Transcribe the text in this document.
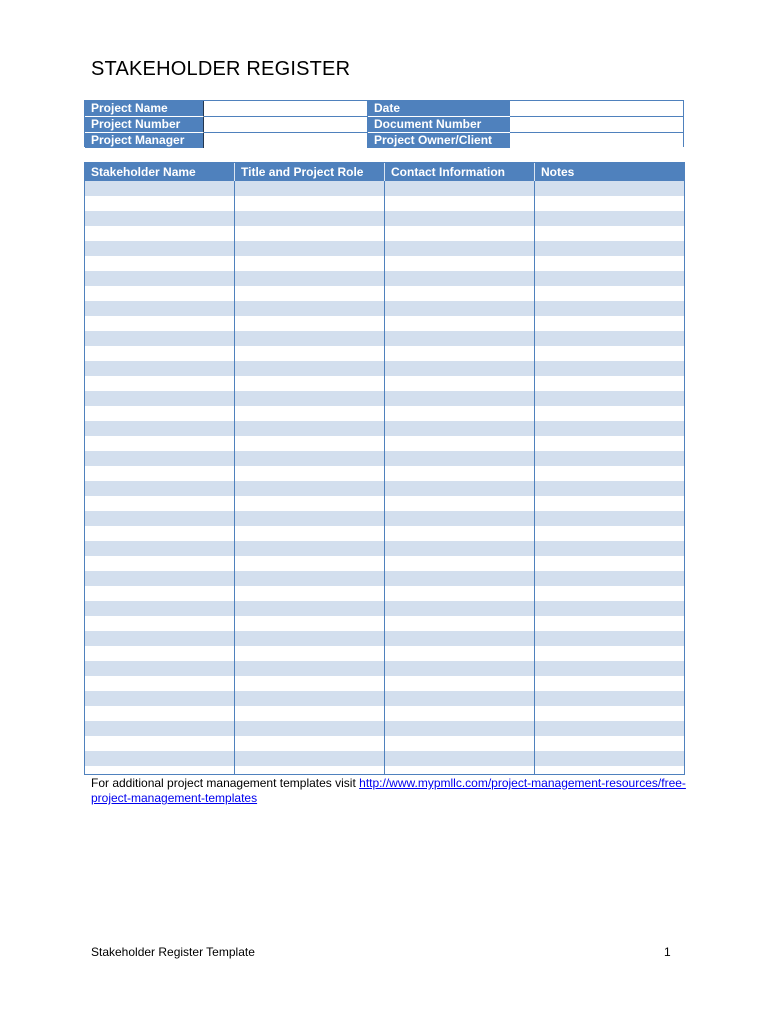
STAKEHOLDER REGISTER
Project Name	Date
Project Number	Document Number
Project Manager	Project Owner/Client
Stakeholder Name	Title and Project Role	Contact Information	Notes
For additional project management templates visit http://www.mypmllc.com/project-management-resources/free-project-management-templates
Stakeholder Register Template	1
